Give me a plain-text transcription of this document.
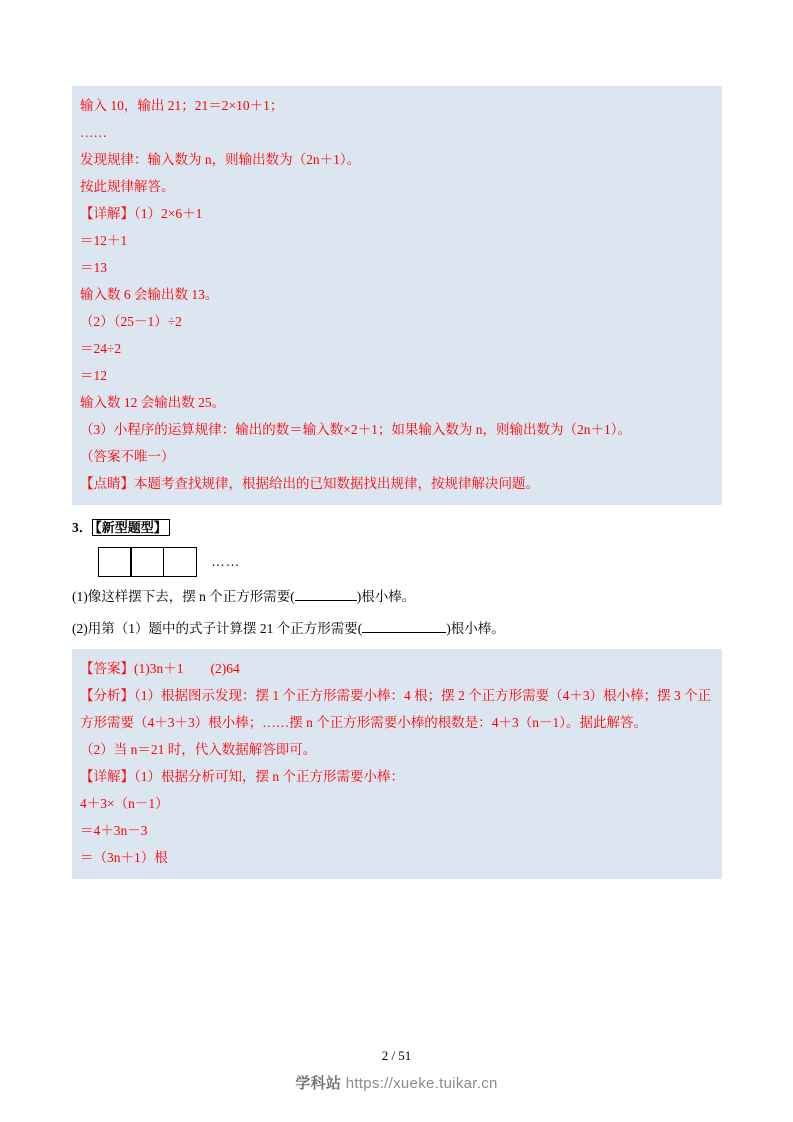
输入 10，输出 21；21＝2×10＋1；

……

发现规律：输入数为 n，则输出数为（2n＋1）。

按此规律解答。

【详解】（1）2×6＋1

＝12＋1

＝13

输入数 6 会输出数 13。

（2）（25－1）÷2

＝24÷2

＝12

输入数 12 会输出数 25。

（3）小程序的运算规律：输出的数＝输入数×2＋1；如果输入数为 n，则输出数为（2n＋1）。

（答案不唯一）

【点睛】本题考查找规律，根据给出的已知数据找出规律，按规律解决问题。

3． 【新型题型】
……

(1)像这样摆下去，摆 n 个正方形需要(	)根小棒。

(2)用第（1）题中的式子计算摆 21 个正方形需要(	)根小棒。

【答案】(1)3n＋1　　(2)64

【分析】（1）根据图示发现：摆 1 个正方形需要小棒：4 根；摆 2 个正方形需要（4＋3）根小棒；摆 3 个正方形需要（4＋3＋3）根小棒；……摆 n 个正方形需要小棒的根数是：4＋3（n－1）。据此解答。

（2）当 n＝21 时，代入数据解答即可。

【详解】（1）根据分析可知，摆 n 个正方形需要小棒：

4＋3×（n－1）

＝4＋3n－3

＝（3n＋1）根

2 / 51
学科站 https://xueke.tuikar.cn
